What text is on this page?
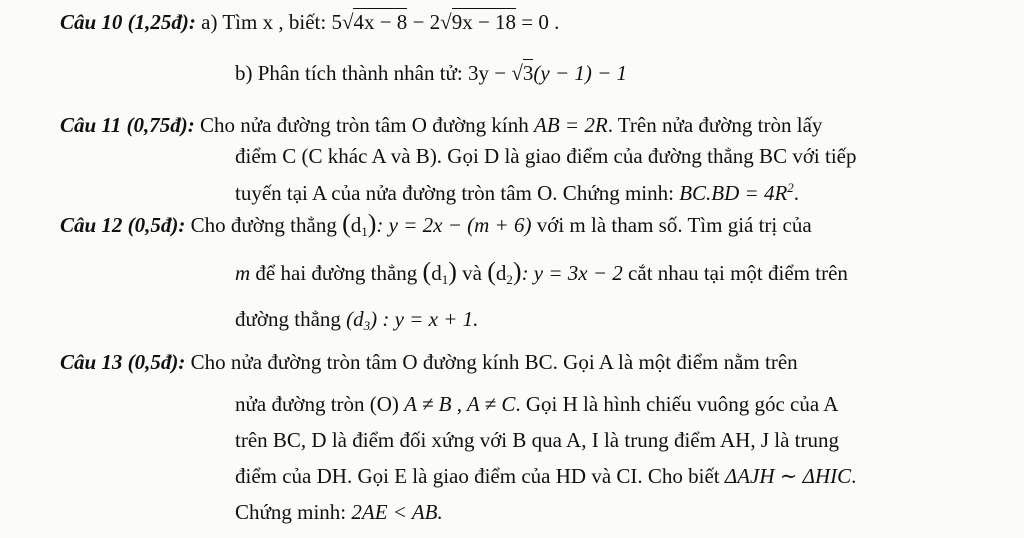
Câu 10 (1,25đ): a) Tìm x , biết: 5√4x − 8 − 2√9x − 18 = 0 .
b) Phân tích thành nhân tử: 3y − √3(y − 1) − 1
Câu 11 (0,75đ): Cho nửa đường tròn tâm O đường kính AB = 2R. Trên nửa đường tròn lấy
điểm C (C khác A và B). Gọi D là giao điểm của đường thẳng BC với tiếp
tuyến tại A của nửa đường tròn tâm O. Chứng minh: $BC.BD = 4R^2$.
Câu 12 (0,5đ): Cho đường thẳng $(d_1)$: y = 2x − (m + 6) với m là tham số. Tìm giá trị của
m để hai đường thẳng $(d_1)$ và $(d_2)$: y = 3x − 2 cắt nhau tại một điểm trên
đường thẳng $(d_3)$ : y = x + 1.
Câu 13 (0,5đ): Cho nửa đường tròn tâm O đường kính BC. Gọi A là một điểm nằm trên
nửa đường tròn (O) A ≠ B , A ≠ C. Gọi H là hình chiếu vuông góc của A
trên BC, D là điểm đối xứng với B qua A, I là trung điểm AH, J là trung
điểm của DH. Gọi E là giao điểm của HD và CI. Cho biết ΔAJH ∼ ΔHIC.
Chứng minh: 2AE < AB.
